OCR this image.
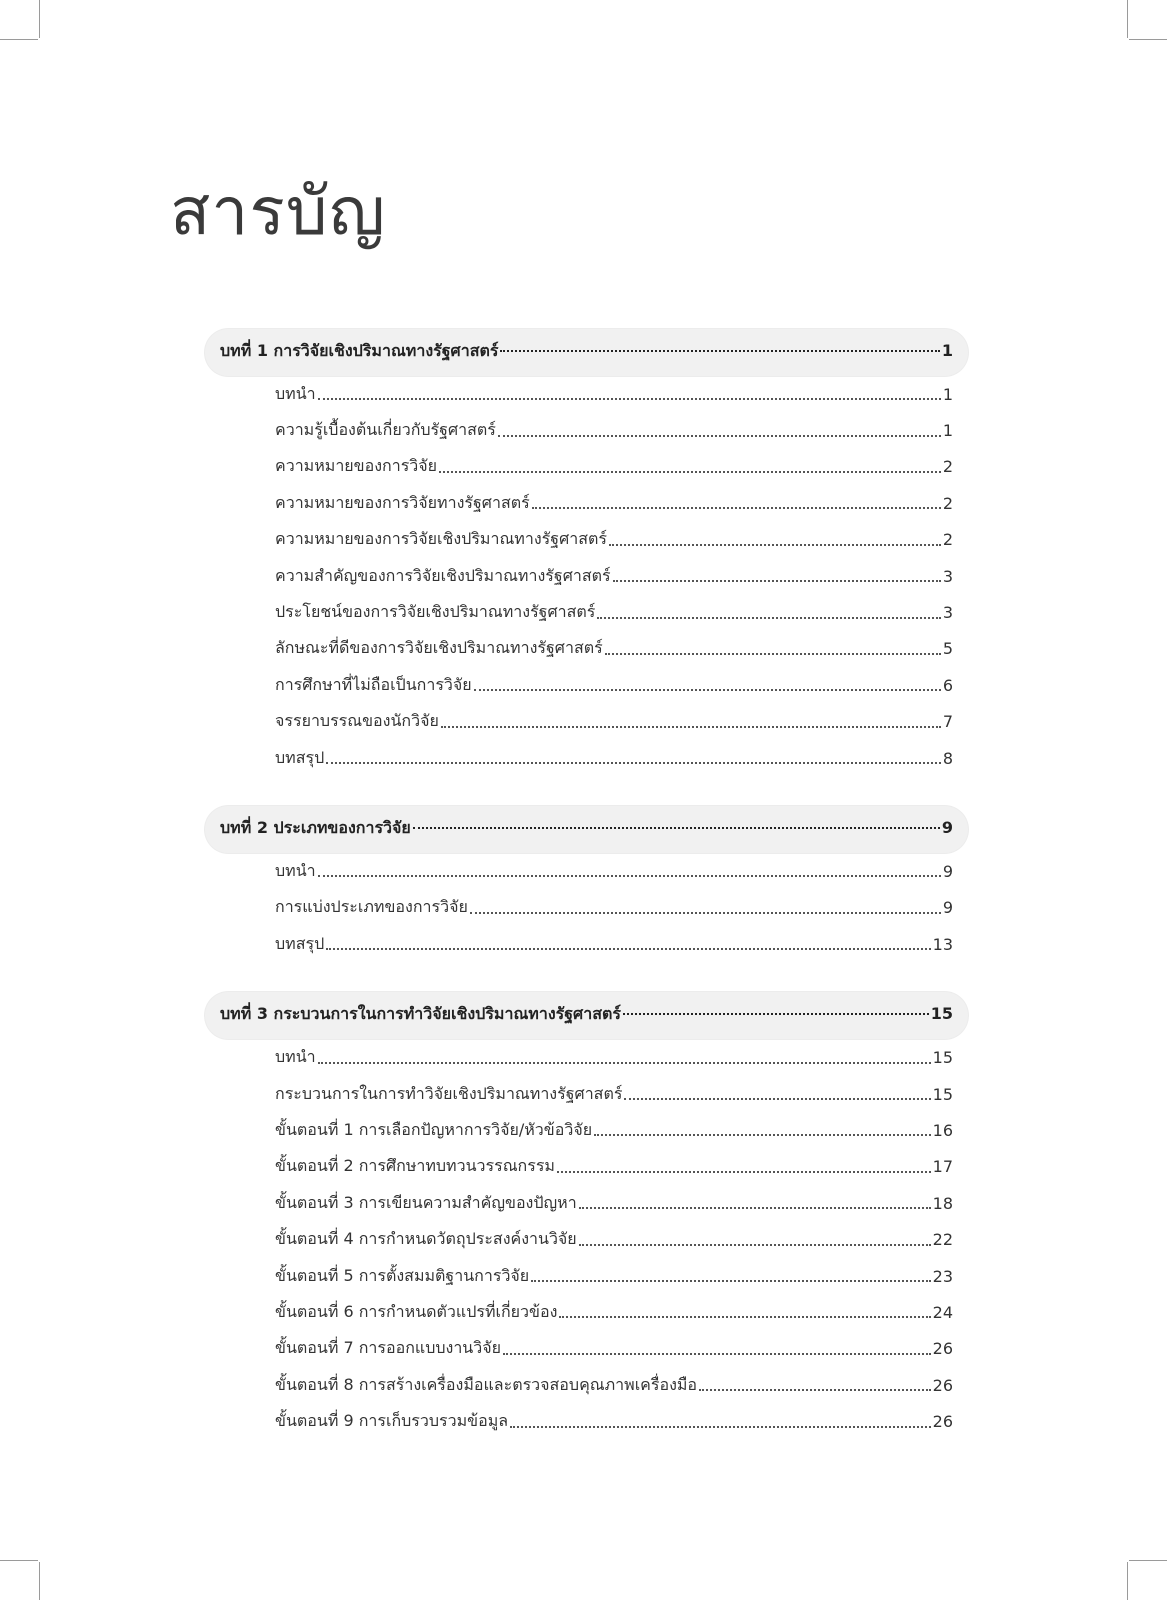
สารบัญ
บทที่ 1 การวิจัยเชิงปริมาณทางรัฐศาสตร์	1
บทนำ	1
ความรู้เบื้องต้นเกี่ยวกับรัฐศาสตร์	1
ความหมายของการวิจัย	2
ความหมายของการวิจัยทางรัฐศาสตร์	2
ความหมายของการวิจัยเชิงปริมาณทางรัฐศาสตร์	2
ความสำคัญของการวิจัยเชิงปริมาณทางรัฐศาสตร์	3
ประโยชน์ของการวิจัยเชิงปริมาณทางรัฐศาสตร์	3
ลักษณะที่ดีของการวิจัยเชิงปริมาณทางรัฐศาสตร์	5
การศึกษาที่ไม่ถือเป็นการวิจัย	6
จรรยาบรรณของนักวิจัย	7
บทสรุป	8
บทที่ 2 ประเภทของการวิจัย	9
บทนำ	9
การแบ่งประเภทของการวิจัย	9
บทสรุป	13
บทที่ 3 กระบวนการในการทำวิจัยเชิงปริมาณทางรัฐศาสตร์	15
บทนำ	15
กระบวนการในการทำวิจัยเชิงปริมาณทางรัฐศาสตร์	15
ขั้นตอนที่ 1 การเลือกปัญหาการวิจัย/หัวข้อวิจัย	16
ขั้นตอนที่ 2 การศึกษาทบทวนวรรณกรรม	17
ขั้นตอนที่ 3 การเขียนความสำคัญของปัญหา	18
ขั้นตอนที่ 4 การกำหนดวัตถุประสงค์งานวิจัย	22
ขั้นตอนที่ 5 การตั้งสมมติฐานการวิจัย	23
ขั้นตอนที่ 6 การกำหนดตัวแปรที่เกี่ยวข้อง	24
ขั้นตอนที่ 7 การออกแบบงานวิจัย	26
ขั้นตอนที่ 8 การสร้างเครื่องมือและตรวจสอบคุณภาพเครื่องมือ	26
ขั้นตอนที่ 9 การเก็บรวบรวมข้อมูล	26
